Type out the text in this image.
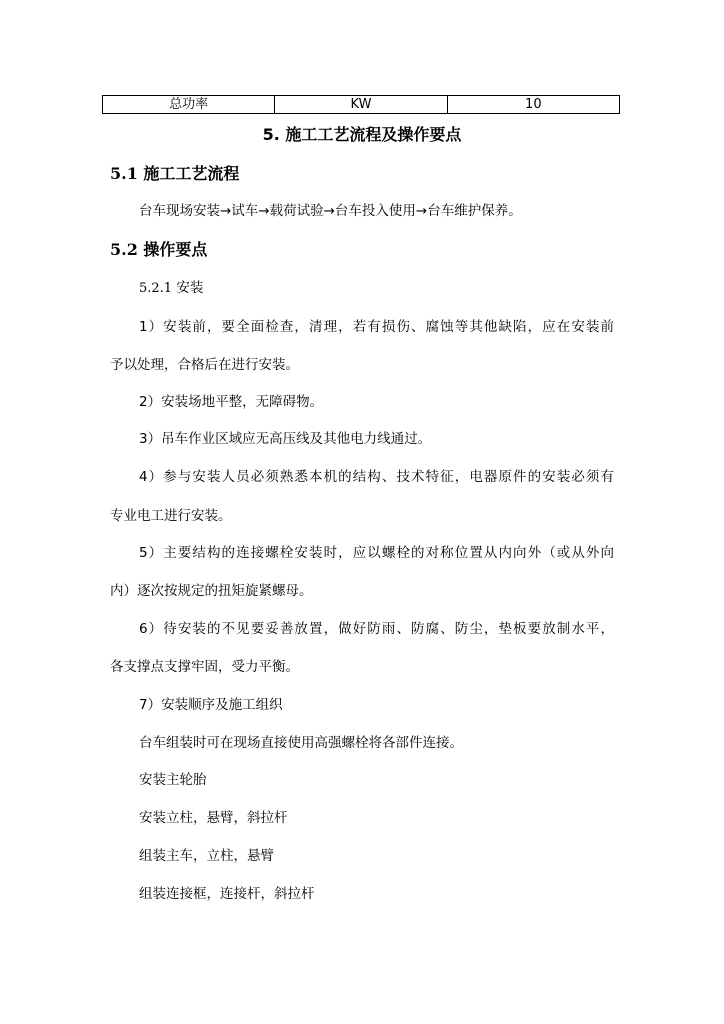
总功率	KW	10
5. 施工工艺流程及操作要点
5.1 施工工艺流程
台车现场安装→试车→载荷试验→台车投入使用→台车维护保养。
5.2 操作要点
5.2.1 安装
1）安装前，要全面检查，清理，若有损伤、腐蚀等其他缺陷，应在安装前
予以处理，合格后在进行安装。
2）安装场地平整，无障碍物。
3）吊车作业区域应无高压线及其他电力线通过。
4）参与安装人员必须熟悉本机的结构、技术特征，电器原件的安装必须有
专业电工进行安装。
5）主要结构的连接螺栓安装时，应以螺栓的对称位置从内向外（或从外向
内）逐次按规定的扭矩旋紧螺母。
6）待安装的不见要妥善放置，做好防雨、防腐、防尘，垫板要放制水平，
各支撑点支撑牢固，受力平衡。
7）安装顺序及施工组织
台车组装时可在现场直接使用高强螺栓将各部件连接。
安装主轮胎
安装立柱，悬臂，斜拉杆
组装主车，立柱，悬臂
组装连接框，连接杆，斜拉杆
